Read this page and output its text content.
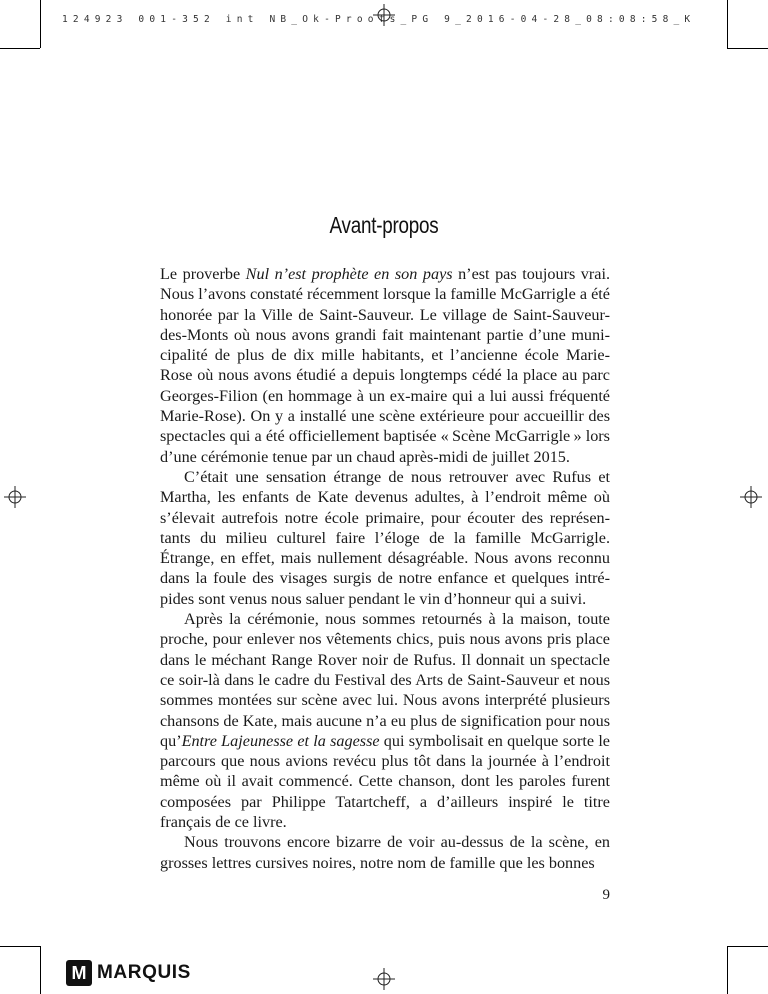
124923 001-352 int NB_Ok-Proofs_PG 9_2016-04-28_08:08:58_K
Avant-propos

Le proverbe Nul n’est prophète en son pays n’est pas toujours vrai. Nous l’avons constaté récemment lorsque la famille McGarrigle a été honorée par la Ville de Saint-Sauveur. Le village de Saint-Sauveur-des-Monts où nous avons grandi fait maintenant partie d’une municipalité de plus de dix mille habitants, et l’ancienne école Marie-Rose où nous avons étudié a depuis longtemps cédé la place au parc Georges-Filion (en hommage à un ex-maire qui a lui aussi fréquenté Marie-Rose). On y a installé une scène extérieure pour accueillir des spectacles qui a été officiellement baptisée « Scène McGarrigle » lors d’une cérémonie tenue par un chaud après-midi de juillet 2015.

C’était une sensation étrange de nous retrouver avec Rufus et Martha, les enfants de Kate devenus adultes, à l’endroit même où s’élevait autrefois notre école primaire, pour écouter des représentants du milieu culturel faire l’éloge de la famille McGarrigle. Étrange, en effet, mais nullement désagréable. Nous avons reconnu dans la foule des visages surgis de notre enfance et quelques intrépides sont venus nous saluer pendant le vin d’honneur qui a suivi.

Après la cérémonie, nous sommes retournés à la maison, toute proche, pour enlever nos vêtements chics, puis nous avons pris place dans le méchant Range Rover noir de Rufus. Il donnait un spectacle ce soir-là dans le cadre du Festival des Arts de Saint-Sauveur et nous sommes montées sur scène avec lui. Nous avons interprété plusieurs chansons de Kate, mais aucune n’a eu plus de signification pour nous qu’Entre Lajeunesse et la sagesse qui symbolisait en quelque sorte le parcours que nous avions revécu plus tôt dans la journée à l’endroit même où il avait commencé. Cette chanson, dont les paroles furent composées par Philippe Tatartcheff, a d’ailleurs inspiré le titre français de ce livre.

Nous trouvons encore bizarre de voir au-dessus de la scène, en grosses lettres cursives noires, notre nom de famille que les bonnes

9
M MARQUIS
